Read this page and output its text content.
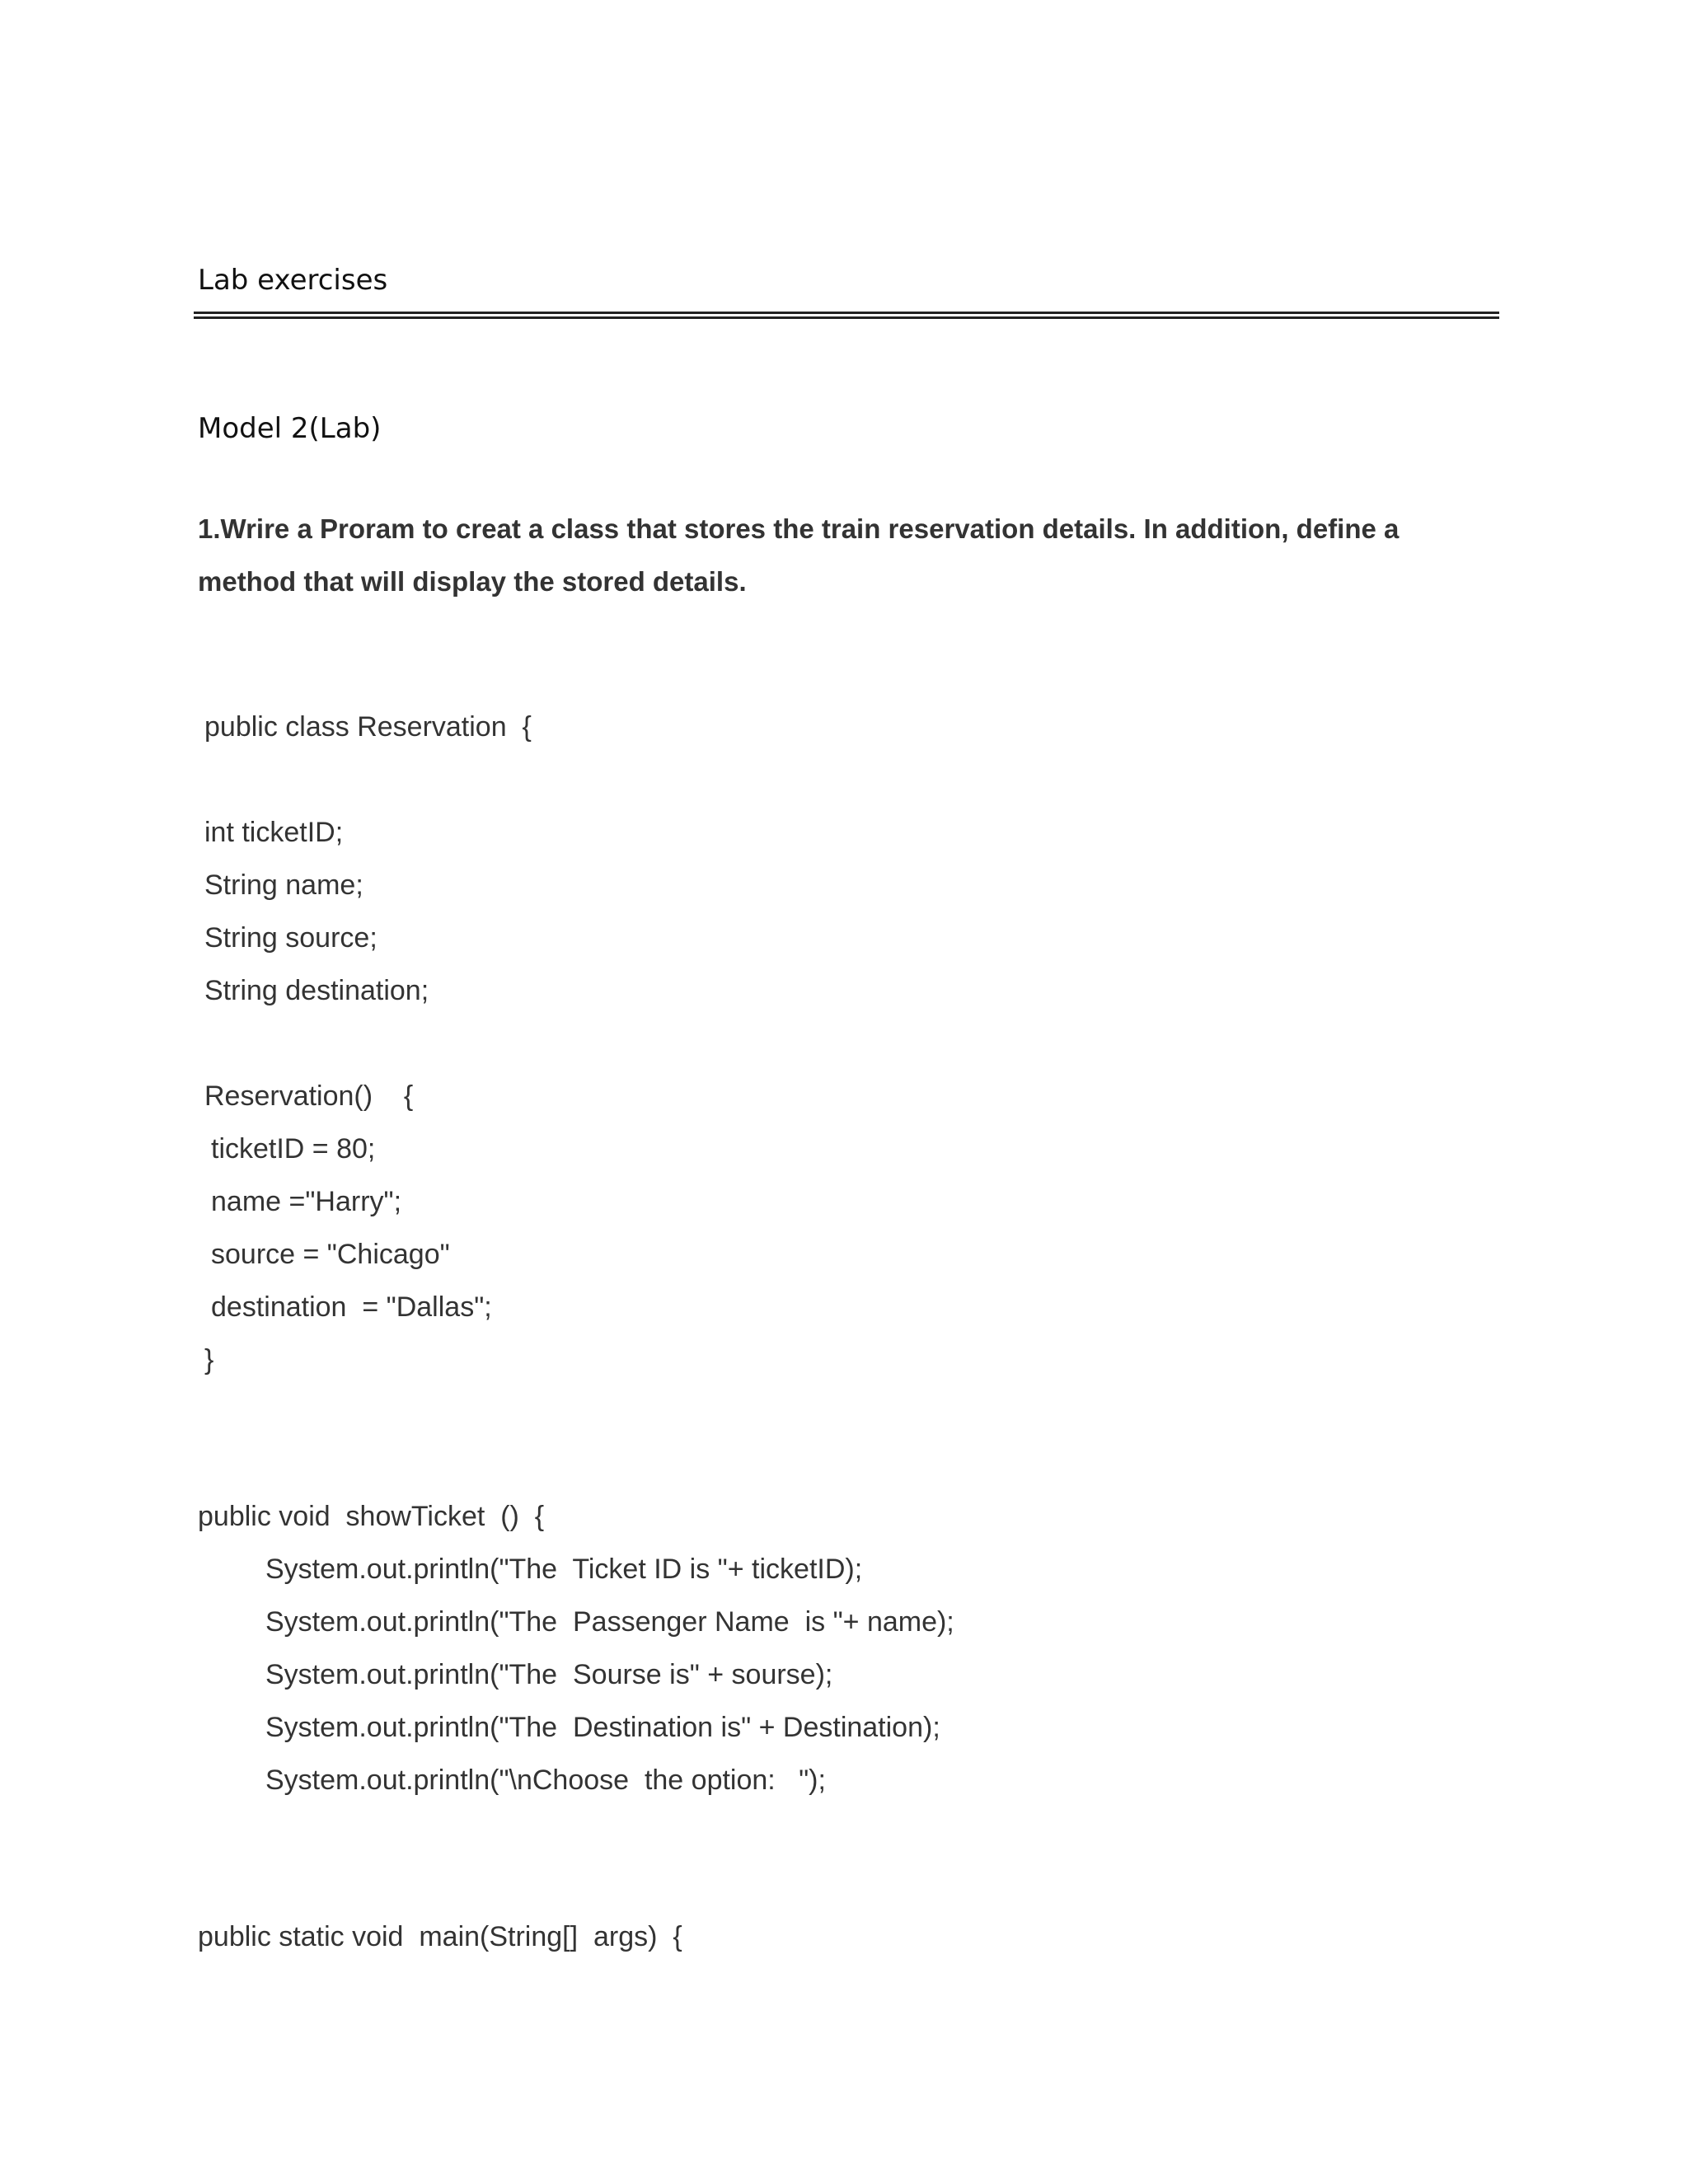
Lab exercises
Model 2(Lab)
1.Wrire a Proram to creat a class that stores the train reservation details. In addition, define a
method that will display the stored details.
public class Reservation  {
int ticketID;
String name;
String source;
String destination;
Reservation()    {
ticketID = 80;
name ="Harry";
source = "Chicago"
destination  = "Dallas";
}
public void  showTicket  ()  {
System.out.println("The  Ticket ID is "+ ticketID);
System.out.println("The  Passenger Name  is "+ name);
System.out.println("The  Sourse is" + sourse);
System.out.println("The  Destination is" + Destination);
System.out.println("\nChoose  the option:   ");
public static void  main(String[]  args)  {
